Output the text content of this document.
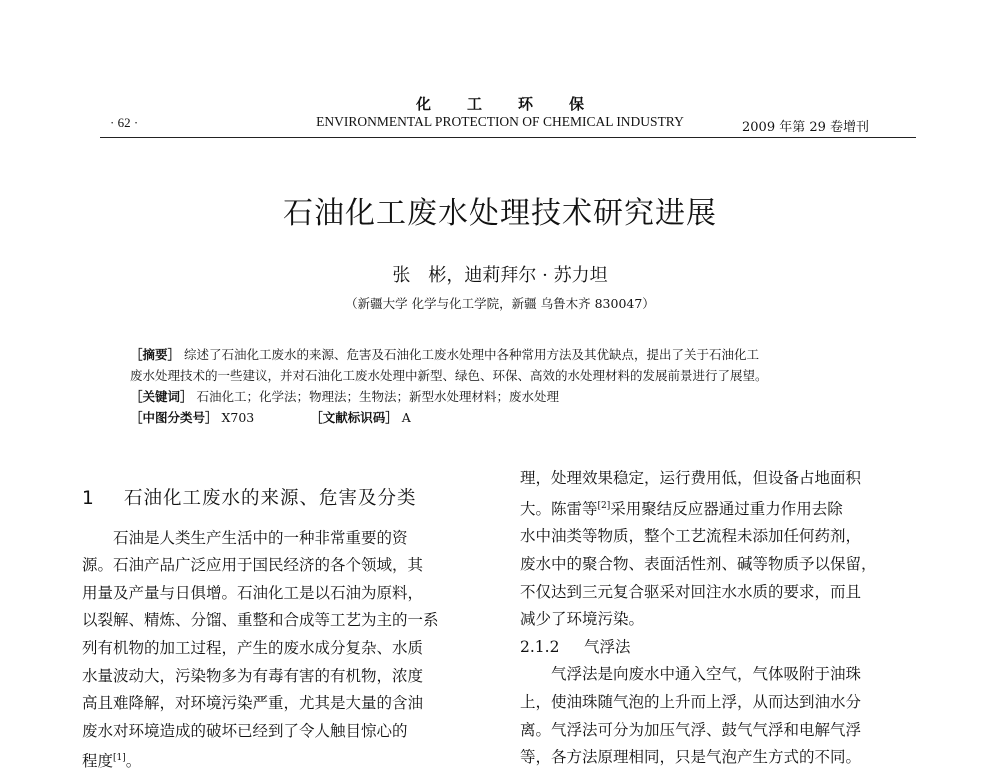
化工环保
· 62 ·	ENVIRONMENTAL PROTECTION OF CHEMICAL INDUSTRY	2009 年第 29 卷增刊
石油化工废水处理技术研究进展
张　彬，迪莉拜尔 · 苏力坦
（新疆大学 化学与化工学院，新疆 乌鲁木齐 830047）
［摘要］ 综述了石油化工废水的来源、危害及石油化工废水处理中各种常用方法及其优缺点，提出了关于石油化工
废水处理技术的一些建议，并对石油化工废水处理中新型、绿色、环保、高效的水处理材料的发展前景进行了展望。
［关键词］ 石油化工；化学法；物理法；生物法；新型水处理材料；废水处理
［中图分类号］ X703	［文献标识码］ A
1 石油化工废水的来源、危害及分类

石油是人类生产生活中的一种非常重要的资
源。石油产品广泛应用于国民经济的各个领域，其
用量及产量与日俱增。石油化工是以石油为原料，
以裂解、精炼、分馏、重整和合成等工艺为主的一系
列有机物的加工过程，产生的废水成分复杂、水质
水量波动大，污染物多为有毒有害的有机物，浓度
高且难降解，对环境污染严重，尤其是大量的含油
废水对环境造成的破坏已经到了令人触目惊心的
程度[1]。

理，处理效果稳定，运行费用低，但设备占地面积
大。陈雷等[2]采用聚结反应器通过重力作用去除
水中油类等物质，整个工艺流程未添加任何药剂，
废水中的聚合物、表面活性剂、碱等物质予以保留，
不仅达到三元复合驱采对回注水水质的要求，而且
减少了环境污染。

2.1.2 气浮法

气浮法是向废水中通入空气，气体吸附于油珠
上，使油珠随气泡的上升而上浮，从而达到油水分
离。气浮法可分为加压气浮、鼓气气浮和电解气浮
等，各方法原理相同，只是气泡产生方式的不同。
